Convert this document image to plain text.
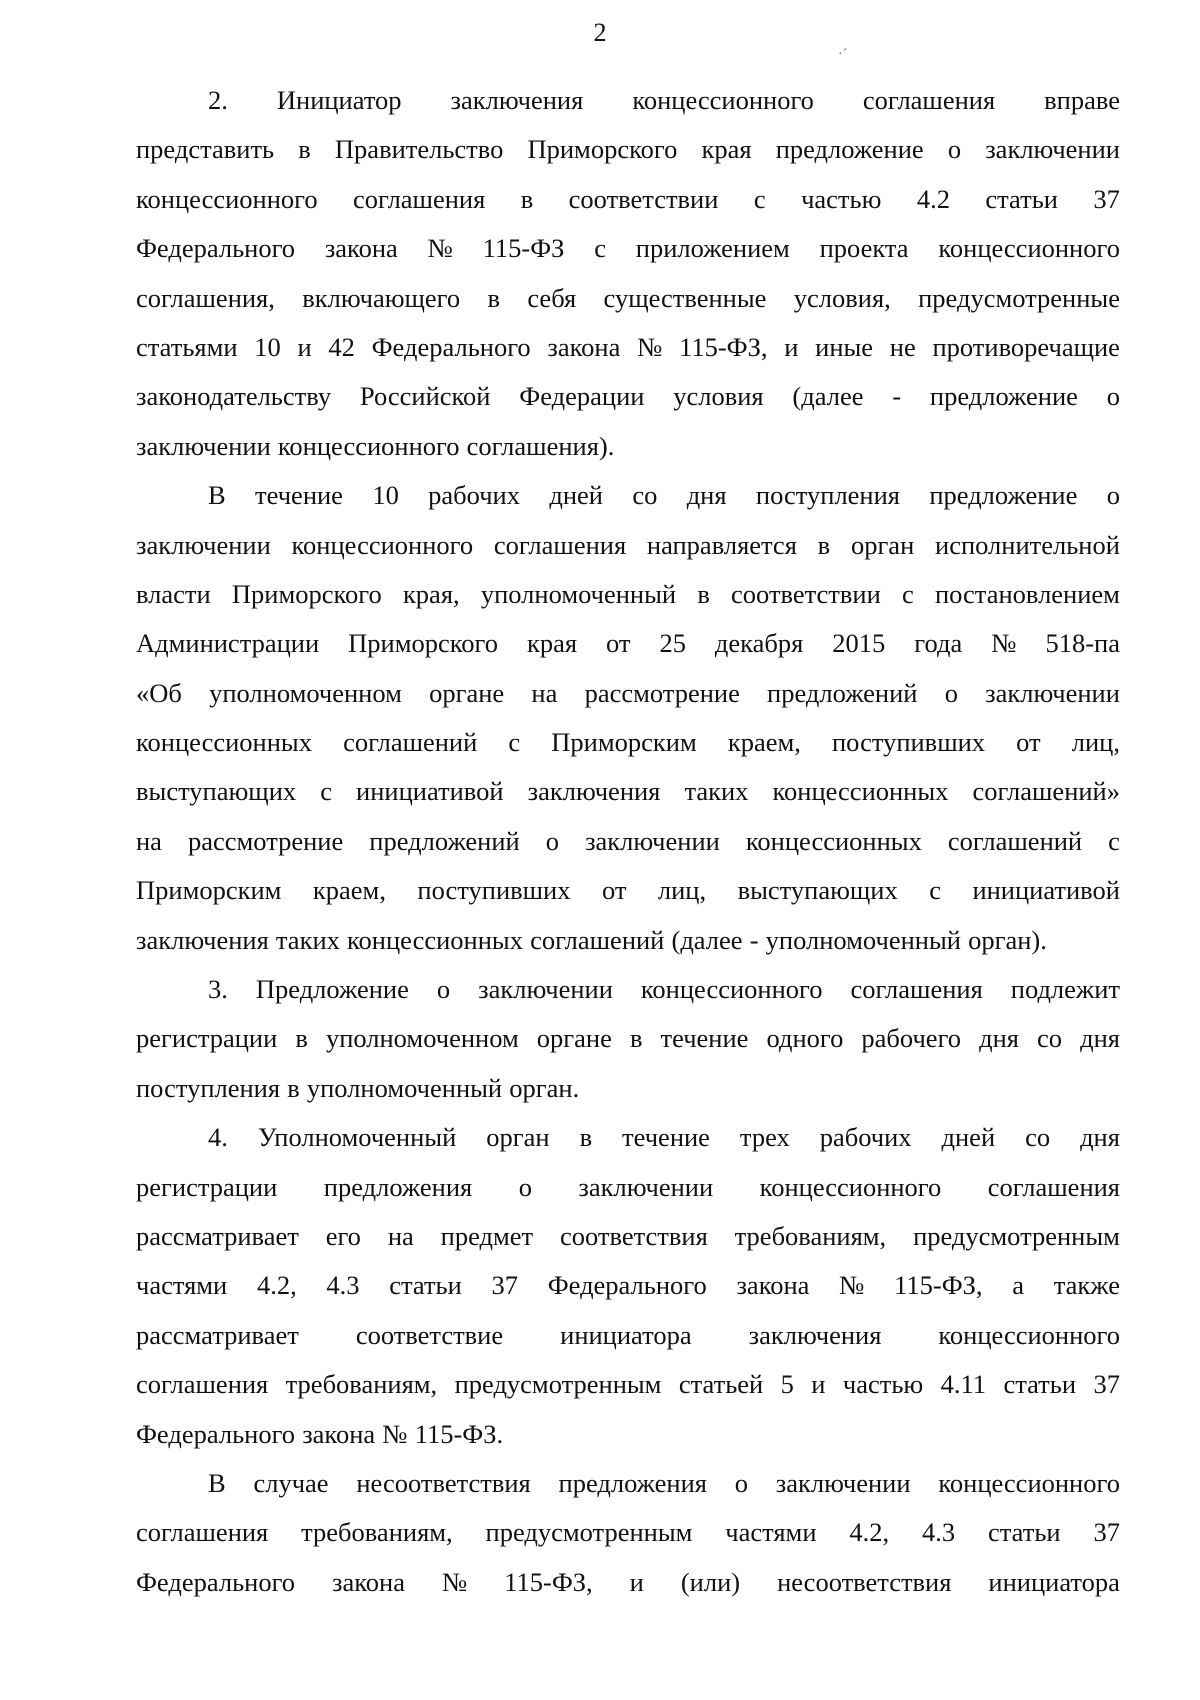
2
·´
2. Инициатор заключения концессионного соглашения вправе
представить в Правительство Приморского края предложение о заключении
концессионного соглашения в соответствии с частью 4.2 статьи 37
Федерального закона № 115-ФЗ с приложением проекта концессионного
соглашения, включающего в себя существенные условия, предусмотренные
статьями 10 и 42 Федерального закона № 115-ФЗ, и иные не противоречащие
законодательству Российской Федерации условия (далее - предложение о
заключении концессионного соглашения).
В течение 10 рабочих дней со дня поступления предложение о
заключении концессионного соглашения направляется в орган исполнительной
власти Приморского края, уполномоченный в соответствии с постановлением
Администрации Приморского края от 25 декабря 2015 года № 518-па
«Об уполномоченном органе на рассмотрение предложений о заключении
концессионных соглашений с Приморским краем, поступивших от лиц,
выступающих с инициативой заключения таких концессионных соглашений»
на рассмотрение предложений о заключении концессионных соглашений с
Приморским краем, поступивших от лиц, выступающих с инициативой
заключения таких концессионных соглашений (далее - уполномоченный орган).
3. Предложение о заключении концессионного соглашения подлежит
регистрации в уполномоченном органе в течение одного рабочего дня со дня
поступления в уполномоченный орган.
4. Уполномоченный орган в течение трех рабочих дней со дня
регистрации предложения о заключении концессионного соглашения
рассматривает его на предмет соответствия требованиям, предусмотренным
частями 4.2, 4.3 статьи 37 Федерального закона № 115-ФЗ, а также
рассматривает соответствие инициатора заключения концессионного
соглашения требованиям, предусмотренным статьей 5 и частью 4.11 статьи 37
Федерального закона № 115-ФЗ.
В случае несоответствия предложения о заключении концессионного
соглашения требованиям, предусмотренным частями 4.2, 4.3 статьи 37
Федерального закона № 115-ФЗ, и (или) несоответствия инициатора
